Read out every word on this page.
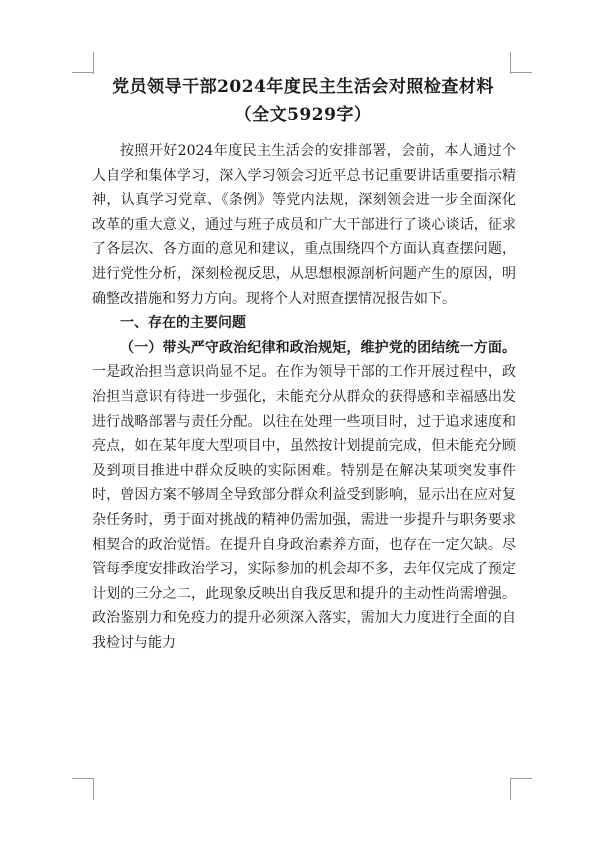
党员领导干部2024年度民主生活会对照检查材料
（全文5929字）

按照开好2024年度民主生活会的安排部署，会前，本人通过个人自学和集体学习，深入学习领会习近平总书记重要讲话重要指示精神，认真学习党章、《条例》等党内法规，深刻领会进一步全面深化改革的重大意义，通过与班子成员和广大干部进行了谈心谈话，征求了各层次、各方面的意见和建议，重点围绕四个方面认真查摆问题，进行党性分析，深刻检视反思，从思想根源剖析问题产生的原因，明确整改措施和努力方向。现将个人对照查摆情况报告如下。

一、存在的主要问题

（一）带头严守政治纪律和政治规矩，维护党的团结统一方面。一是政治担当意识尚显不足。在作为领导干部的工作开展过程中，政治担当意识有待进一步强化，未能充分从群众的获得感和幸福感出发进行战略部署与责任分配。以往在处理一些项目时，过于追求速度和亮点，如在某年度大型项目中，虽然按计划提前完成，但未能充分顾及到项目推进中群众反映的实际困难。特别是在解决某项突发事件时，曾因方案不够周全导致部分群众利益受到影响，显示出在应对复杂任务时，勇于面对挑战的精神仍需加强，需进一步提升与职务要求相契合的政治觉悟。在提升自身政治素养方面，也存在一定欠缺。尽管每季度安排政治学习，实际参加的机会却不多，去年仅完成了预定计划的三分之二，此现象反映出自我反思和提升的主动性尚需增强。政治鉴别力和免疫力的提升必须深入落实，需加大力度进行全面的自我检讨与能力
